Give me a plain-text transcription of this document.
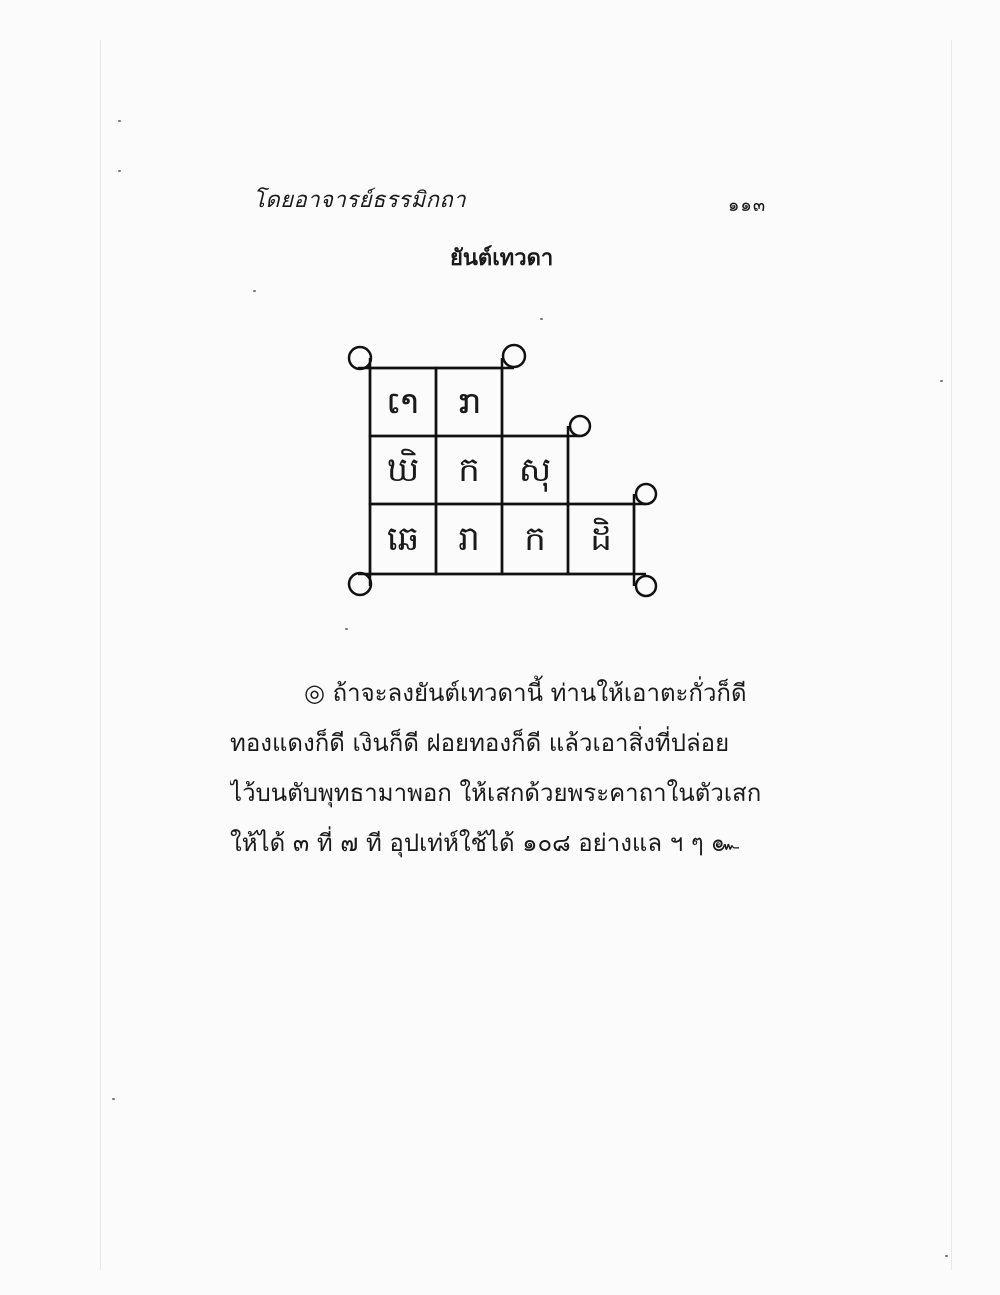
โดยอาจารย์ธรรมิกถา	๑๑๓
ยันต์เทวดา
ເາ	ກ
ឃិ	ក	សុ
ឆេ	រា	ក	ដិ
◎ ถ้าจะลงยันต์เทวดานี้ ท่านให้เอาตะกั่วก็ดี
ทองแดงก็ดี เงินก็ดี ฝอยทองก็ดี แล้วเอาสิ่งที่ปล่อย
ไว้บนตับพุทธามาพอก ให้เสกด้วยพระคาถาในตัวเสก
ให้ได้ ๓ ที่ ๗ ที อุปเท่ห์ใช้ได้ ๑๐๘ อย่างแล ฯ ๆ ๛
